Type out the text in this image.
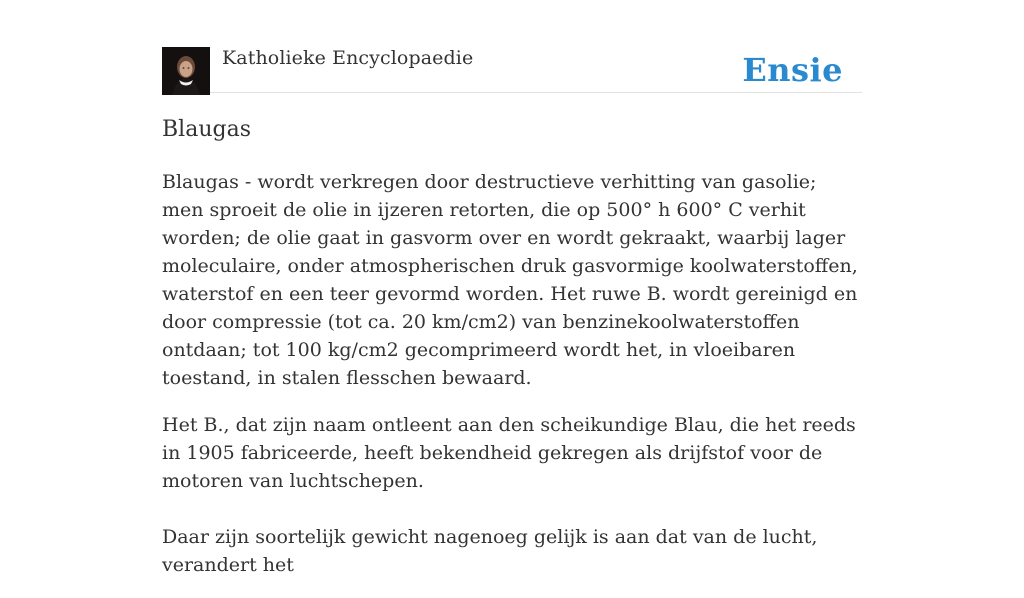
Katholieke Encyclopaedie	Ensie
Blaugas

Blaugas - wordt verkregen door destructieve verhitting van gasolie; men sproeit de olie in ijzeren retorten, die op 500° h 600° C verhit worden; de olie gaat in gasvorm over en wordt gekraakt, waarbij lager moleculaire, onder atmospherischen druk gasvormige koolwaterstoffen, waterstof en een teer gevormd worden. Het ruwe B. wordt gereinigd en door compressie (tot ca. 20 km/cm2) van benzinekoolwaterstoffen ontdaan; tot 100 kg/cm2 gecomprimeerd wordt het, in vloeibaren toestand, in stalen flesschen bewaard.

Het B., dat zijn naam ontleent aan den scheikundige Blau, die het reeds in 1905 fabriceerde, heeft bekendheid gekregen als drijfstof voor de motoren van luchtschepen.

Daar zijn soortelijk gewicht nagenoeg gelijk is aan dat van de lucht, verandert het
